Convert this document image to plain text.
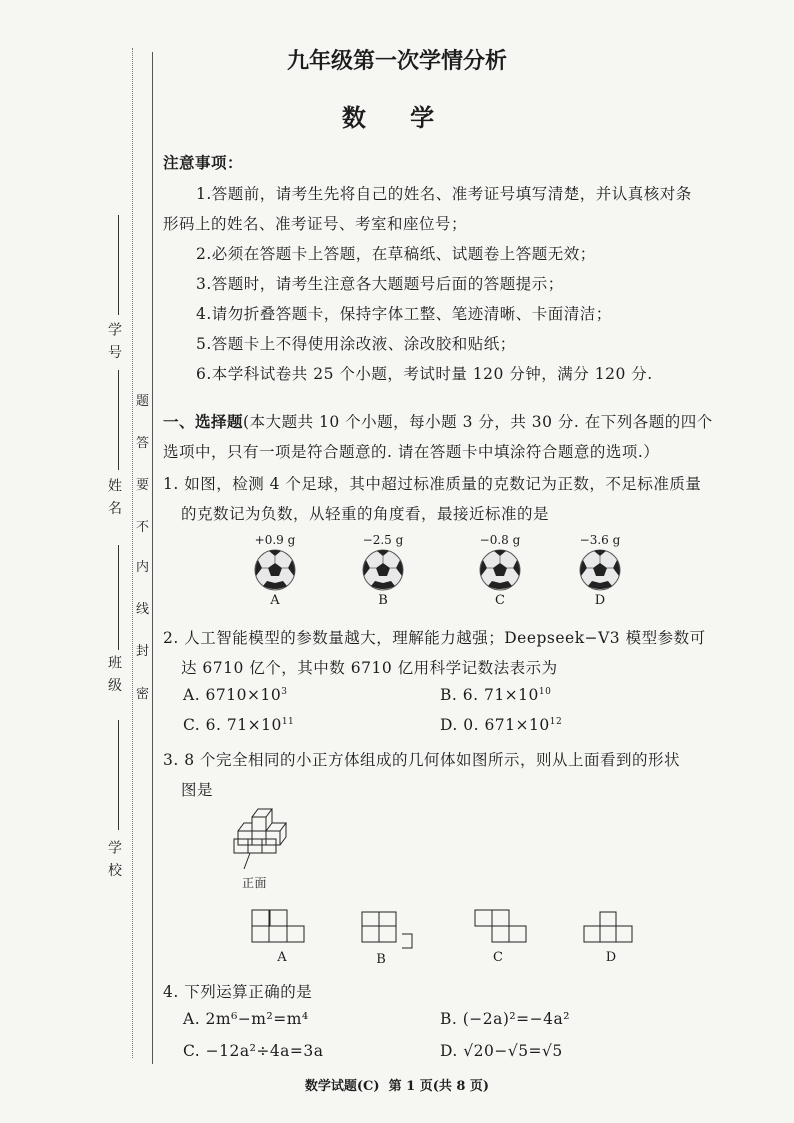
学 号
姓 名
班 级
学 校
题
答
要
不
内
线
封
密
九年级第一次学情分析
数 学
注意事项：
1.答题前，请考生先将自己的姓名、准考证号填写清楚，并认真核对条
形码上的姓名、准考证号、考室和座位号；
2.必须在答题卡上答题，在草稿纸、试题卷上答题无效；
3.答题时，请考生注意各大题题号后面的答题提示；
4.请勿折叠答题卡，保持字体工整、笔迹清晰、卡面清洁；
5.答题卡上不得使用涂改液、涂改胶和贴纸；
6.本学科试卷共 25 个小题，考试时量 120 分钟，满分 120 分.
一、选择题(本大题共 10 个小题，每小题 3 分，共 30 分. 在下列各题的四个
选项中，只有一项是符合题意的. 请在答题卡中填涂符合题意的选项.）
1. 如图，检测 4 个足球，其中超过标准质量的克数记为正数，不足标准质量
的克数记为负数，从轻重的角度看，最接近标准的是
+0.9 g	−2.5 g	−0.8 g	−3.6 g
A	B	C	D
2. 人工智能模型的参数量越大，理解能力越强；Deepseek−V3 模型参数可
达 6710 亿个，其中数 6710 亿用科学记数法表示为
A. $6710\times 10^3$	B. 6. $71\times 10^{10}$
C. 6. $71\times 10^{11}$	D. 0. $671\times 10^{12}$
3. 8 个完全相同的小正方体组成的几何体如图所示，则从上面看到的形状
图是
正面
A	B	C	D
4. 下列运算正确的是
A. 2m⁶−m²=m⁴	B. (−2a)²=−4a²
C. −12a²÷4a=3a	D. √20−√5=√5
数学试题(C)  第 1 页(共 8 页)
